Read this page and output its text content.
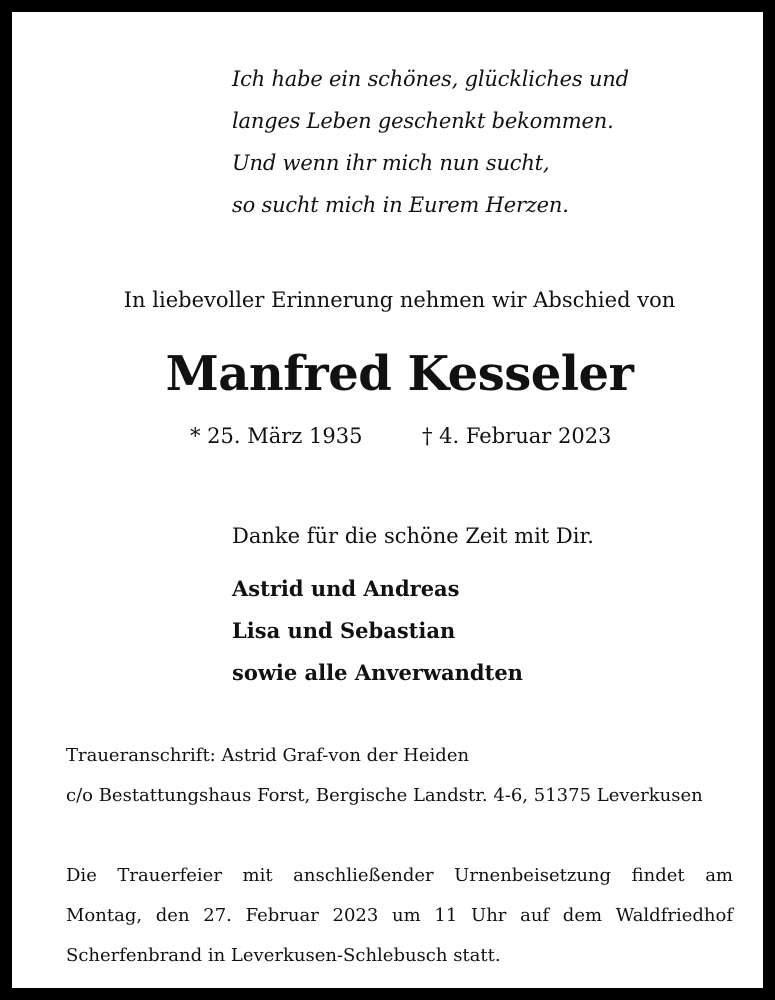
Ich habe ein schönes, glückliches und
langes Leben geschenkt bekommen.
Und wenn ihr mich nun sucht,
so sucht mich in Eurem Herzen.
In liebevoller Erinnerung nehmen wir Abschied von
Manfred Kesseler
* 25. März 1935	† 4. Februar 2023
Danke für die schöne Zeit mit Dir.
Astrid und Andreas
Lisa und Sebastian
sowie alle Anverwandten
Traueranschrift: Astrid Graf-von der Heiden
c/o Bestattungshaus Forst, Bergische Landstr. 4-6, 51375 Leverkusen
Die Trauerfeier mit anschließender Urnenbeisetzung findet am
Montag, den 27. Februar 2023 um 11 Uhr auf dem Waldfriedhof
Scherfenbrand in Leverkusen-Schlebusch statt.
